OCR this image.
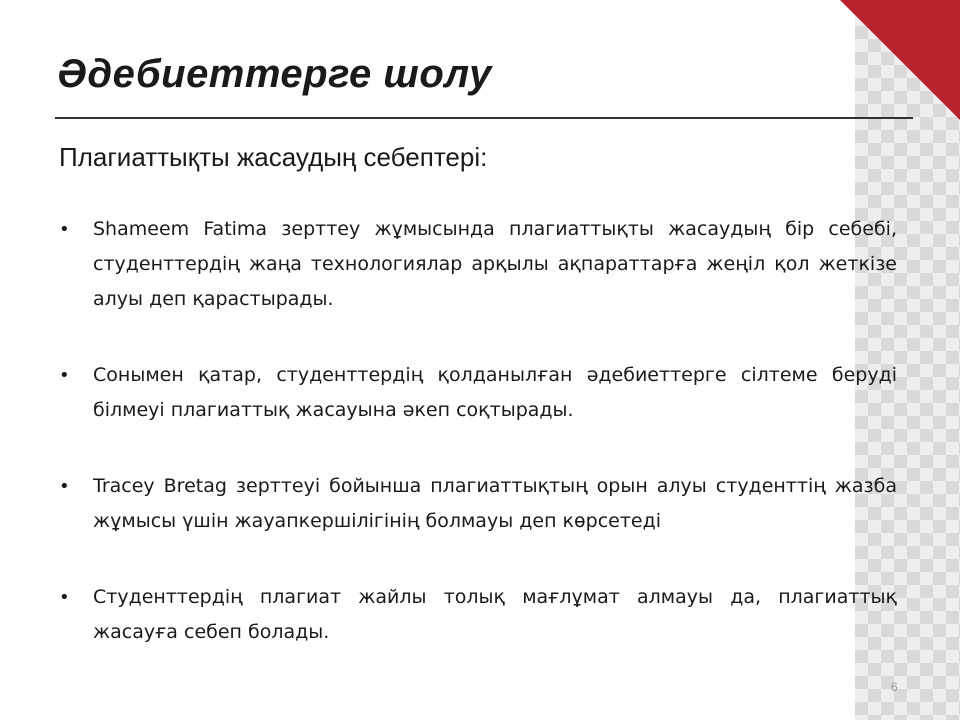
Әдебиеттерге шолу
Плагиаттықты жасаудың себептері:
• Shameem Fatima зерттеу жұмысында плагиаттықты жасаудың бір себебі, студенттердің жаңа технологиялар арқылы ақпараттарға жеңіл қол жеткізе алуы деп қарастырады.
• Сонымен қатар, студенттердің қолданылған әдебиеттерге сілтеме беруді білмеуі плагиаттық жасауына әкеп соқтырады.
• Tracey Bretag зерттеуі бойынша плагиаттықтың орын алуы студенттің жазба жұмысы үшін жауапкершілігінің болмауы деп көрсетеді
• Студенттердің плагиат жайлы толық мағлұмат алмауы да, плагиаттық жасауға себеп болады.
6
